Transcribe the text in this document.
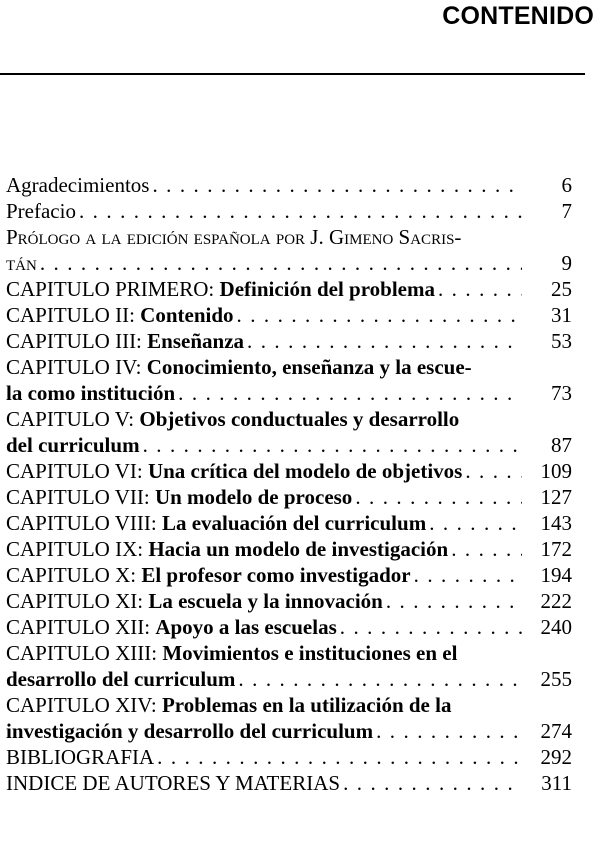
CONTENIDO
Agradecimientos . . .	6
Prefacio . . .	7
Prólogo a la edición española por J. Gimeno Sacris-
tán . . .	9
CAPITULO PRIMERO: Definición del problema . . .	25
CAPITULO II: Contenido . . .	31
CAPITULO III: Enseñanza . . .	53
CAPITULO IV: Conocimiento, enseñanza y la escue-
la como institución . . .	73
CAPITULO V: Objetivos conductuales y desarrollo
del curriculum . . .	87
CAPITULO VI: Una crítica del modelo de objetivos . . .	109
CAPITULO VII: Un modelo de proceso . . .	127
CAPITULO VIII: La evaluación del curriculum . . .	143
CAPITULO IX: Hacia un modelo de investigación . . .	172
CAPITULO X: El profesor como investigador . . .	194
CAPITULO XI: La escuela y la innovación . . .	222
CAPITULO XII: Apoyo a las escuelas . . .	240
CAPITULO XIII: Movimientos e instituciones en el
desarrollo del curriculum . . .	255
CAPITULO XIV: Problemas en la utilización de la
investigación y desarrollo del curriculum . . .	274
BIBLIOGRAFIA . . .	292
INDICE DE AUTORES Y MATERIAS . . .	311
